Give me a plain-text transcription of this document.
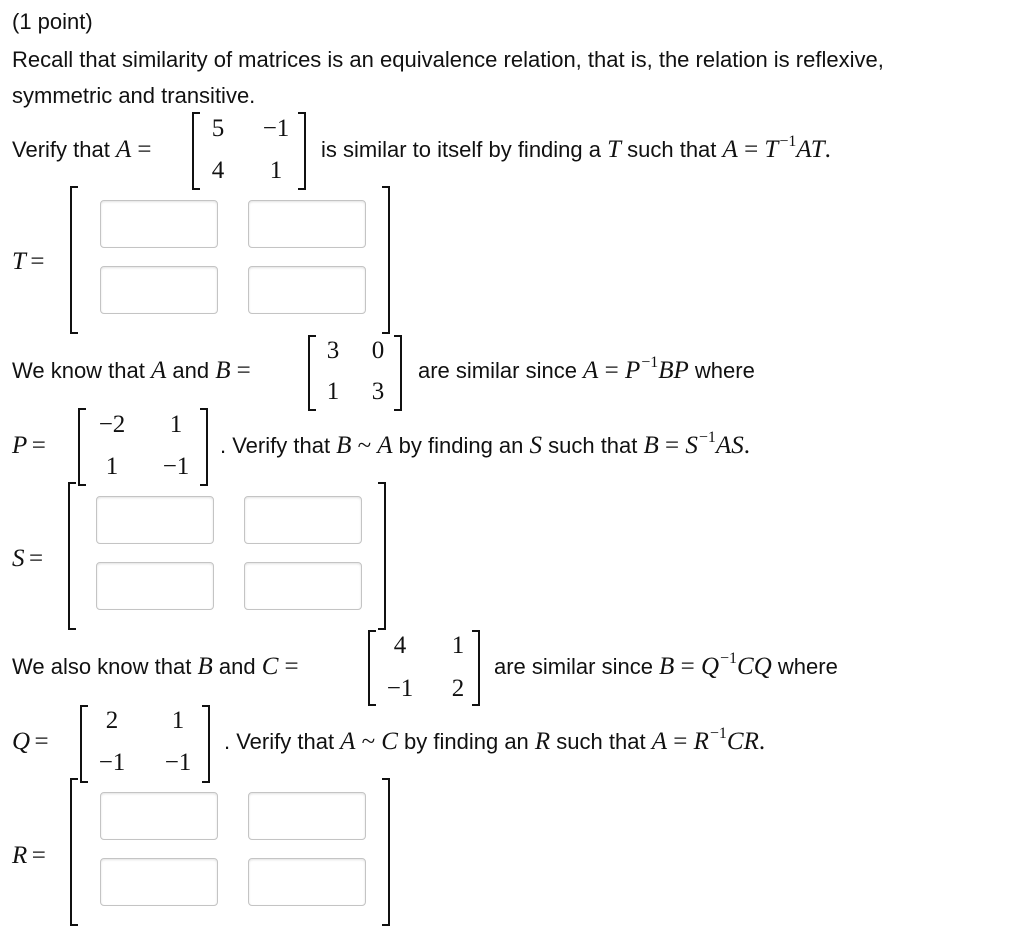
(1 point)
Recall that similarity of matrices is an equivalence relation, that is, the relation is reflexive,
symmetric and transitive.
Verify that A =
5	−1
4	1
is similar to itself by finding a T such that $A = T^{-1}AT$.
T =
We know that A and B =
3	0
1	3
are similar since $A = P^{-1}BP$ where
P =
−2	1
1	−1
. Verify that B ~ A by finding an S such that $B = S^{-1}AS$.
S =
We also know that B and C =
4	1
−1	2
are similar since $B = Q^{-1}CQ$ where
Q =
2	1
−1	−1
. Verify that A ~ C by finding an R such that $A = R^{-1}CR$.
R =
